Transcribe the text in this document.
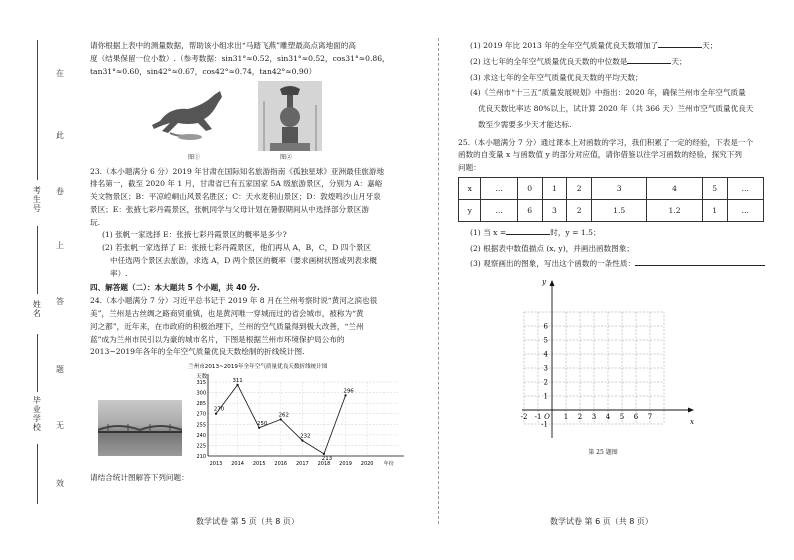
在
此
卷
上
答
题
无
效
考生号
姓名
毕业学校

请你根据上表中的测量数据，帮助该小组求出“马踏飞燕”雕塑最高点离地面的高

度（结果保留一位小数）.（参考数据：sin31°≈0.52，sin31°≈0.52，cos31°≈0.86，

tan31°≈0.60，sin42°≈0.67，cos42°≈0.74，tan42°≈0.90）

图①	图②

23.（本小题满分 6 分）2019 年甘肃在国际知名旅游指南《孤独星球》亚洲最佳旅游地

排名第一，截至 2020 年 1 月，甘肃省已有五家国家 5A 级旅游景区，分别为 A：嘉峪

关文物景区；B：平凉崆峒山风景名胜区；C：天水麦积山景区；D：敦煌鸣沙山月牙泉

景区；E：张掖七彩丹霞景区，张帆同学与父母计划在暑假期间从中选择部分景区游

玩.

(1) 张帆一家选择 E：张掖七彩丹霞景区的概率是多少?

(2) 若张帆一家选择了 E：张掖七彩丹霞景区，他们再从 A，B，C，D 四个景区

中任选两个景区去旅游，求选 A，D 两个景区的概率（要求画树状图或列表求概

率）.

四、解答题（二）：本大题共 5 个小题，共 40 分.

24.（本小题满分 7 分）习近平总书记于 2019 年 8 月在兰州考察时说“黄河之滨也很

美”，兰州是古丝绸之路商贸重镇，也是黄河唯一穿城而过的省会城市，被称为“黄

河之都”，近年来，在市政府的积极治理下，兰州的空气质量得到极大改善，“兰州

蓝”成为兰州市民引以为豪的城市名片，下图是根据兰州市环境保护局公布的

2013~2019年各年的全年空气质量优良天数绘制的折线统计图.

兰州市2013~2019年全年空气质量优良天数折线统计图
天数
210
225
240
255
270
285
300
315
2013 2014 2015 2016 2017 2018 2019 2020 年份
270
311
250
262
232
213
296

请结合统计图解答下列问题：

(1) 2019 年比 2013 年的全年空气质量优良天数增加了	天；

(2) 这七年的全年空气质量优良天数的中位数是	天；

(3) 求这七年的全年空气质量优良天数的平均天数；

(4)《兰州市“十三五”质量发展规划》中指出：2020 年，确保兰州市全年空气质量

优良天数比率达 80%以上，试计算 2020 年（共 366 天）兰州市空气质量优良天

数至少需要多少天才能达标.

25.（本小题满分 7 分）通过课本上对函数的学习，我们积累了一定的经验，下表是一个

函数的自变量 x 与函数值 y 的部分对应值，请你借鉴以往学习函数的经验，探究下列

问题：

x	…	0	1	2	3	4	5	…
y	…	6	3	2	1.5	1.2	1	…

(1) 当 x =	时，y = 1.5；

(2) 根据表中数值描点 (x, y)，并画出函数图象；

(3) 观察画出的图象，写出这个函数的一条性质：

x
y
-2 -1 O 1 2 3 4 5 6 7
6
5
4
3
2
1
-1
第 25 题图
数学试卷 第 5 页（共 8 页）	数学试卷 第 6 页（共 8 页）
